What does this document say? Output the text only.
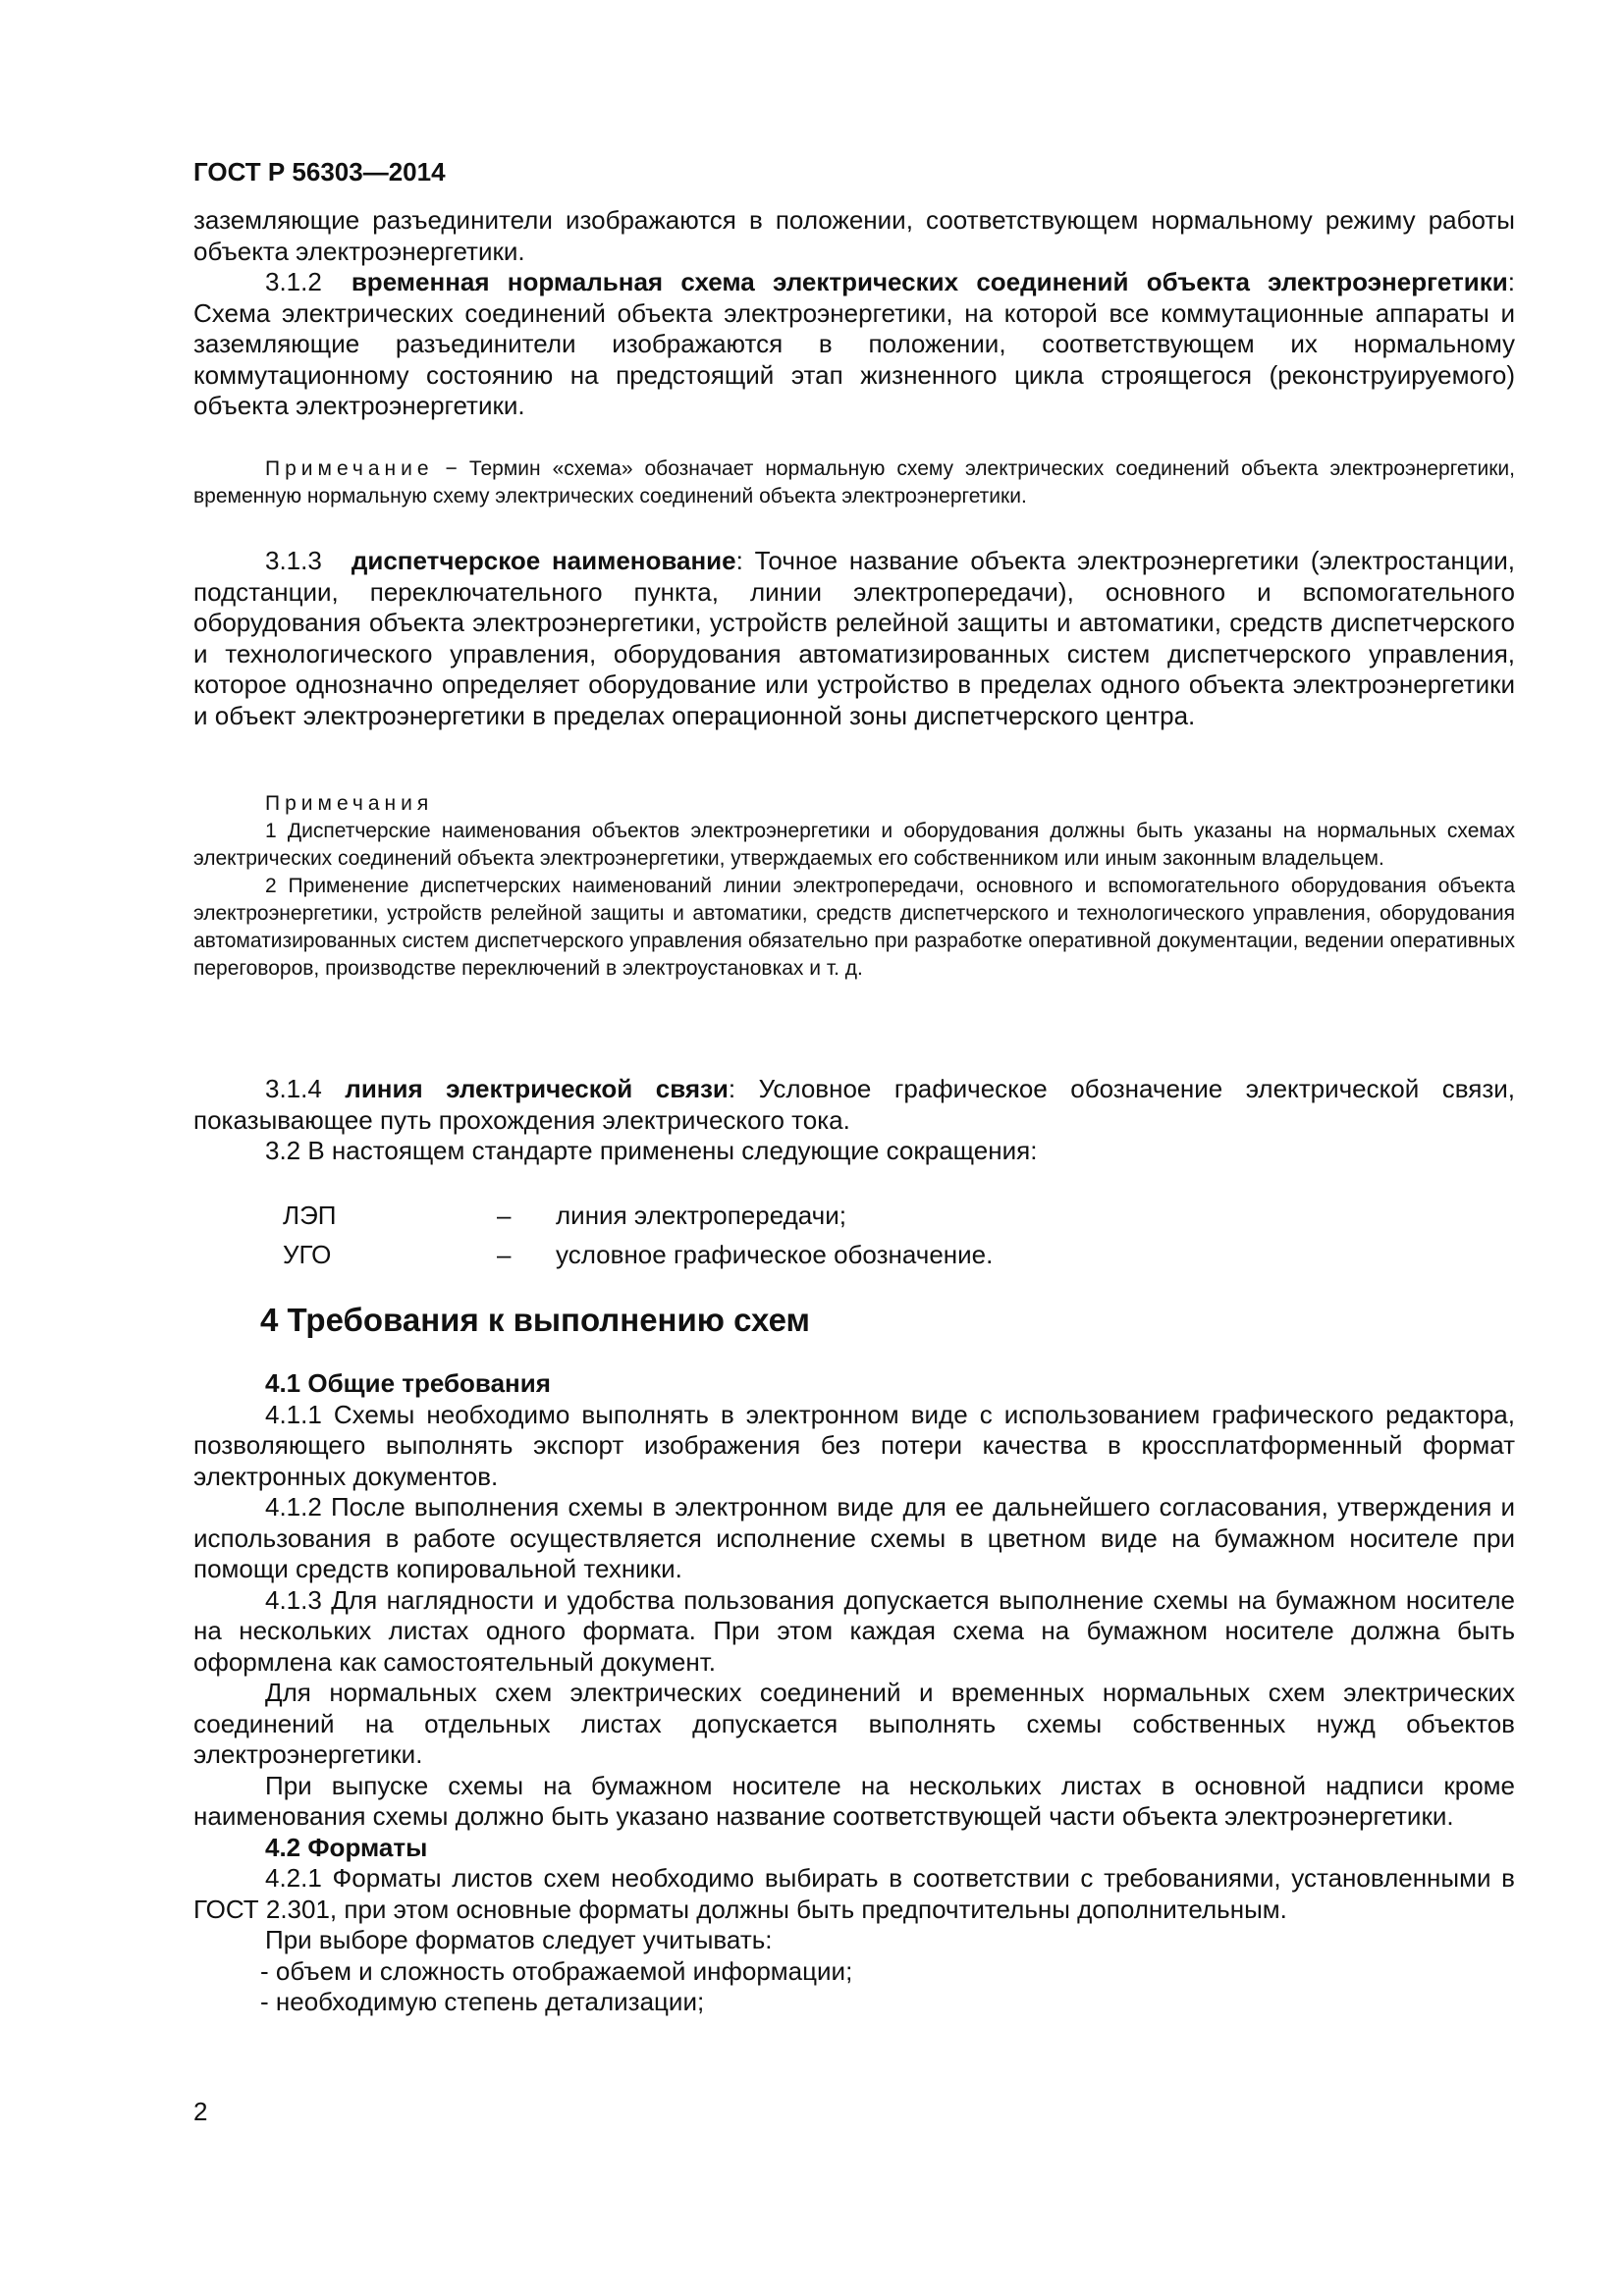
ГОСТ Р 56303—2014

заземляющие разъединители изображаются в положении, соответствующем нормальному режиму работы объекта электроэнергетики.

3.1.2 временная нормальная схема электрических соединений объекта электроэнергетики: Схема электрических соединений объекта электроэнергетики, на которой все коммутационные аппараты и заземляющие разъединители изображаются в положении, соответствующем их нормальному коммутационному состоянию на предстоящий этап жизненного цикла строящегося (реконструируемого) объекта электроэнергетики.

Примечание − Термин «схема» обозначает нормальную схему электрических соединений объекта электроэнергетики, временную нормальную схему электрических соединений объекта электроэнергетики.

3.1.3 диспетчерское наименование: Точное название объекта электроэнергетики (электростанции, подстанции, переключательного пункта, линии электропередачи), основного и вспомогательного оборудования объекта электроэнергетики, устройств релейной защиты и автоматики, средств диспетчерского и технологического управления, оборудования автоматизированных систем диспетчерского управления, которое однозначно определяет оборудование или устройство в пределах одного объекта электроэнергетики и объект электроэнергетики в пределах операционной зоны диспетчерского центра.

Примечания

1 Диспетчерские наименования объектов электроэнергетики и оборудования должны быть указаны на нормальных схемах электрических соединений объекта электроэнергетики, утверждаемых его собственником или иным законным владельцем.

2 Применение диспетчерских наименований линии электропередачи, основного и вспомогательного оборудования объекта электроэнергетики, устройств релейной защиты и автоматики, средств диспетчерского и технологического управления, оборудования автоматизированных систем диспетчерского управления обязательно при разработке оперативной документации, ведении оперативных переговоров, производстве переключений в электроустановках и т. д.

3.1.4 линия электрической связи: Условное графическое обозначение электрической связи, показывающее путь прохождения электрического тока.

3.2 В настоящем стандарте применены следующие сокращения:

ЛЭП	–	линия электропередачи;
УГО	–	условное графическое обозначение.

4 Требования к выполнению схем

4.1 Общие требования

4.1.1 Схемы необходимо выполнять в электронном виде с использованием графического редактора, позволяющего выполнять экспорт изображения без потери качества в кроссплатформенный формат электронных документов.

4.1.2 После выполнения схемы в электронном виде для ее дальнейшего согласования, утверждения и использования в работе осуществляется исполнение схемы в цветном виде на бумажном носителе при помощи средств копировальной техники.

4.1.3 Для наглядности и удобства пользования допускается выполнение схемы на бумажном носителе на нескольких листах одного формата. При этом каждая схема на бумажном носителе должна быть оформлена как самостоятельный документ.

Для нормальных схем электрических соединений и временных нормальных схем электрических соединений на отдельных листах допускается выполнять схемы собственных нужд объектов электроэнергетики.

При выпуске схемы на бумажном носителе на нескольких листах в основной надписи кроме наименования схемы должно быть указано название соответствующей части объекта электроэнергетики.

4.2 Форматы

4.2.1 Форматы листов схем необходимо выбирать в соответствии с требованиями, установленными в ГОСТ 2.301, при этом основные форматы должны быть предпочтительны дополнительным.

При выборе форматов следует учитывать:

- объем и сложность отображаемой информации;

- необходимую степень детализации;

2
